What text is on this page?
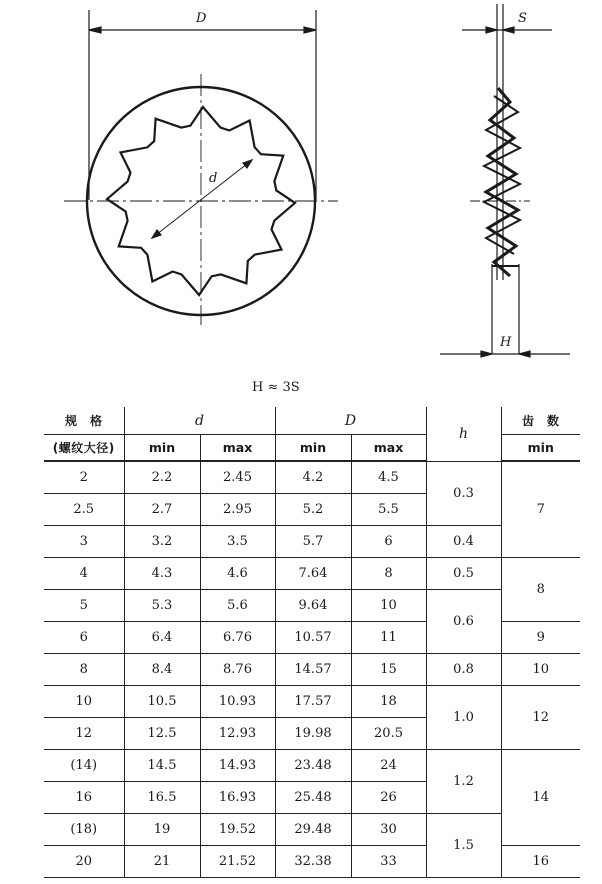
D
d
S
H
H ≈ 3S
规　格	d		D		h	齿　数
(螺纹大径)	min	max	min	max		min
2	2.2	2.45	4.2	4.5	0.3	7
2.5	2.7	2.95	5.2	5.5		
3	3.2	3.5	5.7	6	0.4	
4	4.3	4.6	7.64	8	0.5	8
5	5.3	5.6	9.64	10	0.6	
6	6.4	6.76	10.57	11		9
8	8.4	8.76	14.57	15	0.8	10
10	10.5	10.93	17.57	18	1.0	12
12	12.5	12.93	19.98	20.5		
(14)	14.5	14.93	23.48	24	1.2	14
16	16.5	16.93	25.48	26		
(18)	19	19.52	29.48	30	1.5	
20	21	21.52	32.38	33		16
